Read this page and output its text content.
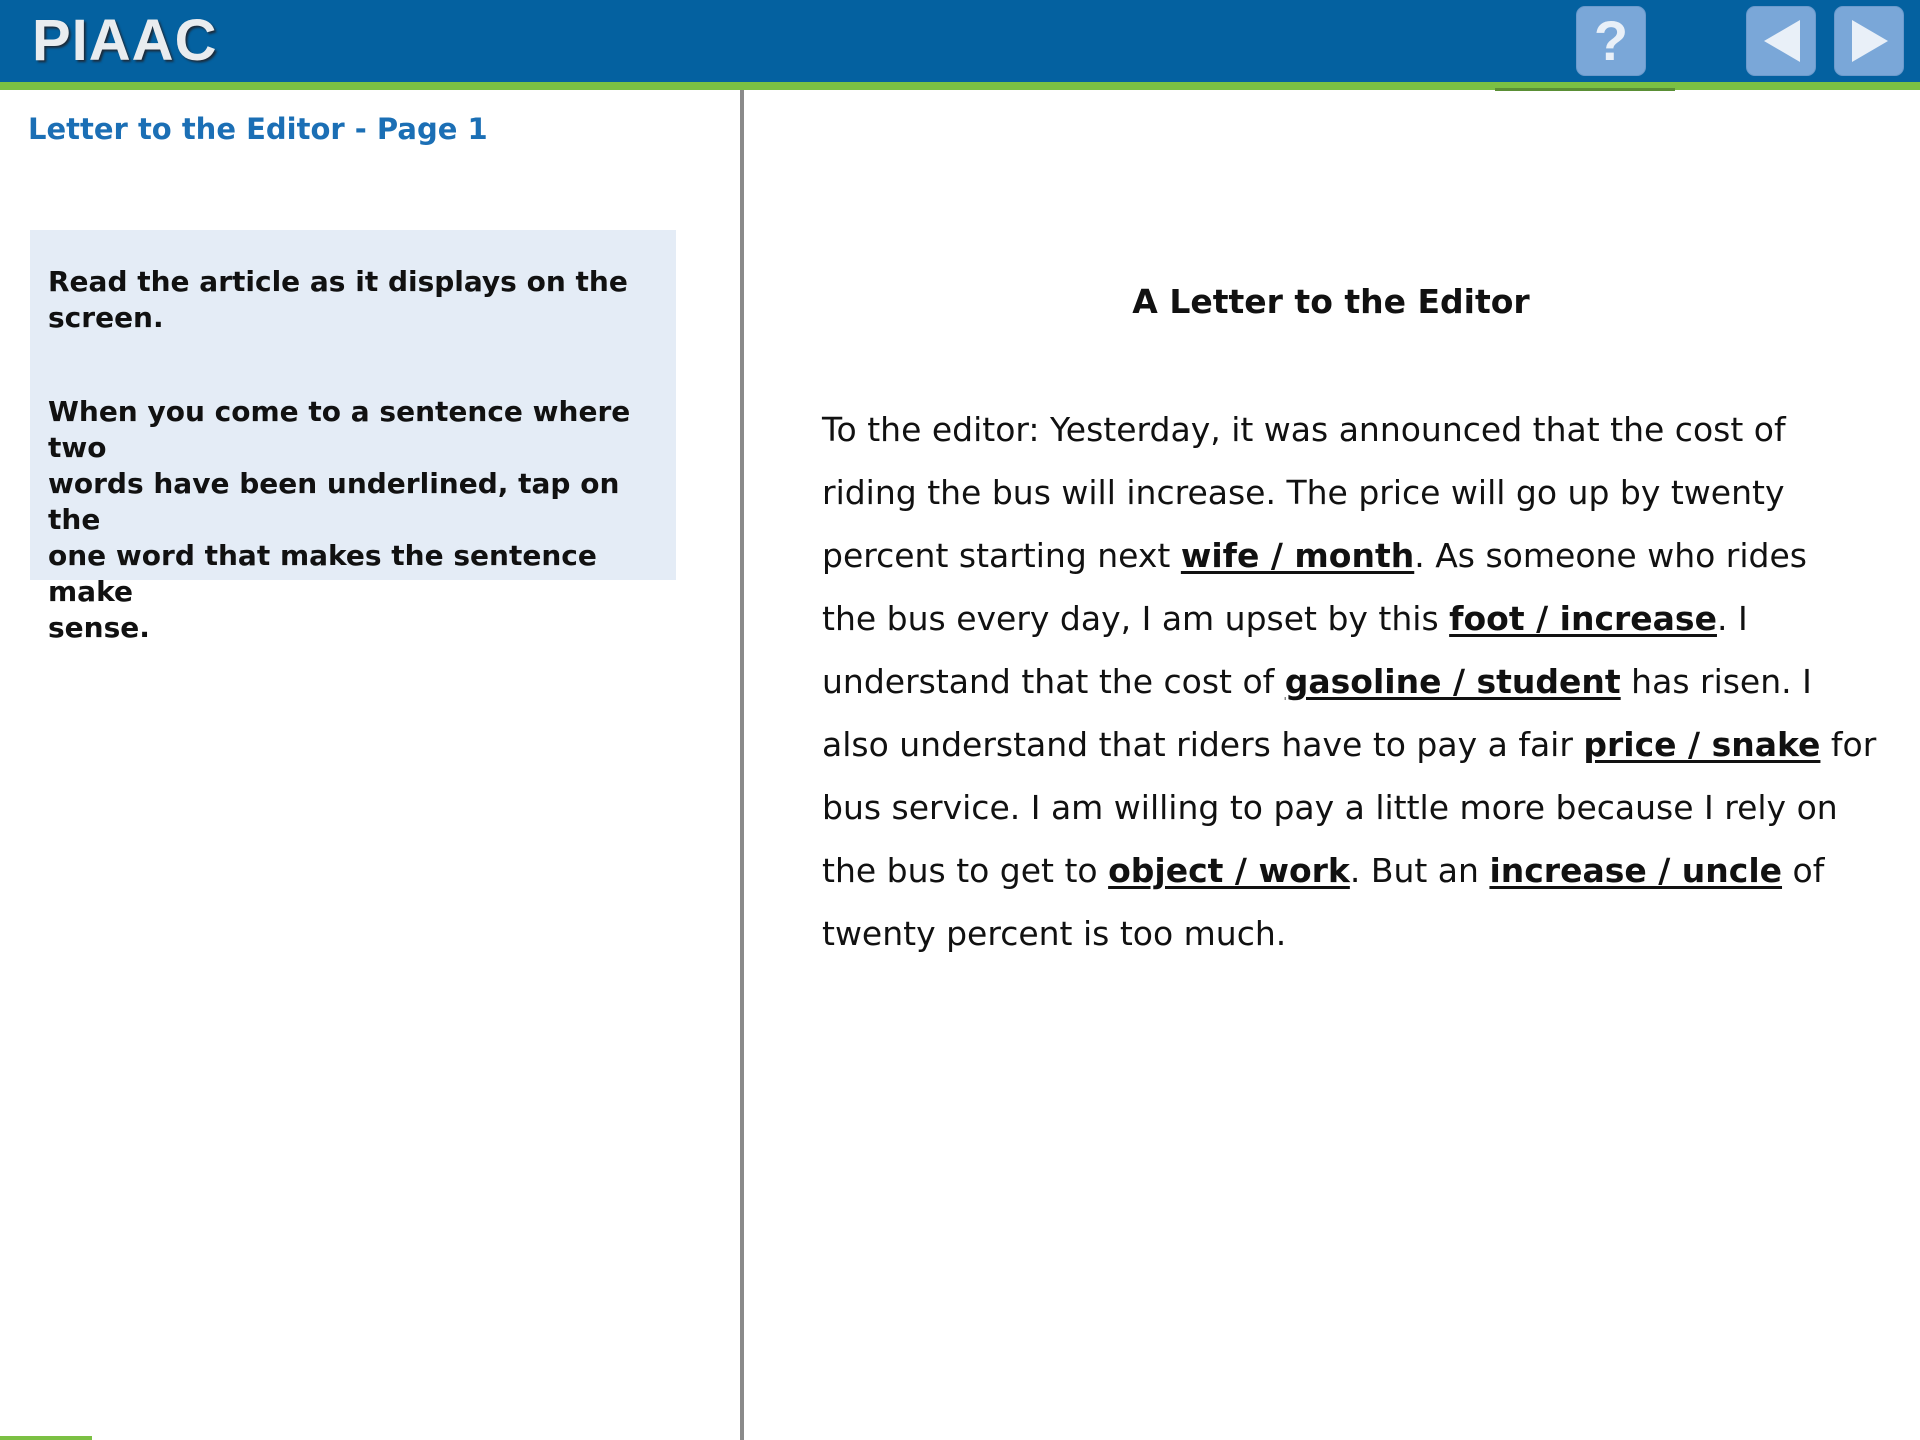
PIAAC	?
Letter to the Editor - Page 1

Read the article as it displays on the
screen.

When you come to a sentence where two
words have been underlined, tap on the
one word that makes the sentence make
sense.

A Letter to the Editor
To the editor: Yesterday, it was announced that the cost of
riding the bus will increase. The price will go up by twenty
percent starting next wife / month. As someone who rides
the bus every day, I am upset by this foot / increase. I
understand that the cost of gasoline / student has risen. I
also understand that riders have to pay a fair price / snake for
bus service. I am willing to pay a little more because I rely on
the bus to get to object / work. But an increase / uncle of
twenty percent is too much.
